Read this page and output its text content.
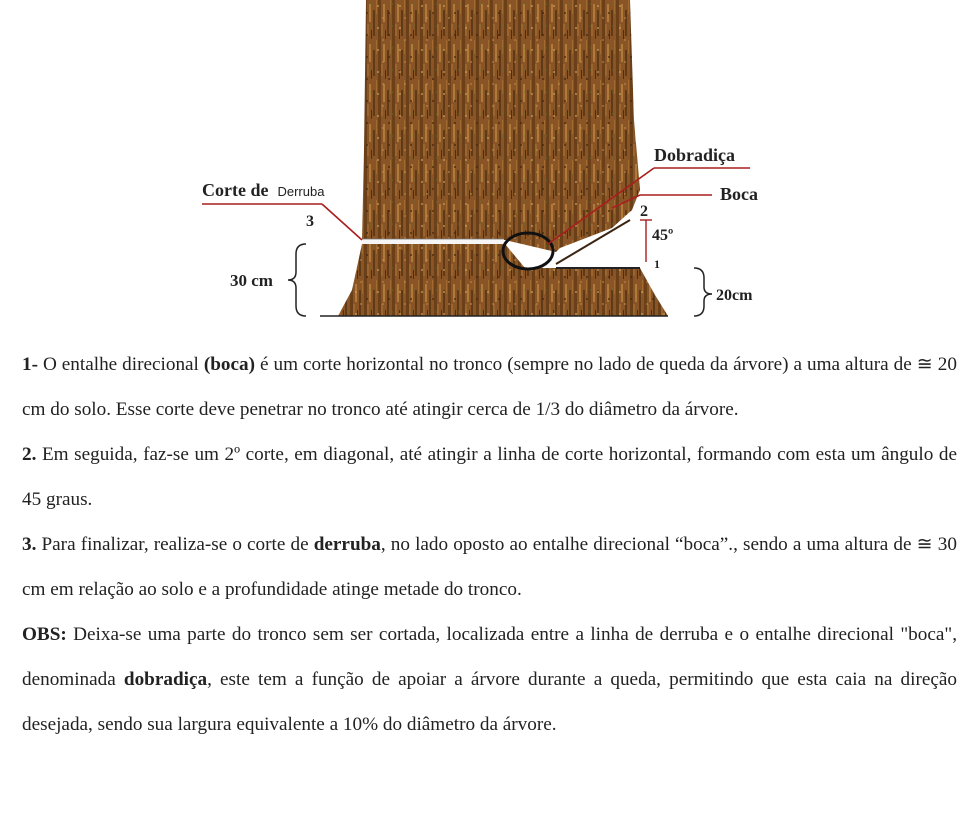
Corte de Derruba
3
Dobradiça
Boca
2
45º
1
30 cm
20cm

1- O entalhe direcional (boca) é um corte horizontal no tronco (sempre no lado de queda da árvore) a uma altura de ≅ 20 cm do solo. Esse corte deve penetrar no tronco até atingir cerca de 1/3 do diâmetro da árvore.

2. Em seguida, faz-se um 2º corte, em diagonal, até atingir a linha de corte horizontal, formando com esta um ângulo de 45 graus.

3. Para finalizar, realiza-se o corte de derruba, no lado oposto ao entalhe direcional “boca”., sendo a uma altura de ≅ 30 cm em relação ao solo e a profundidade atinge metade do tronco.

OBS: Deixa-se uma parte do tronco sem ser cortada, localizada entre a linha de derruba e o entalhe direcional "boca", denominada dobradiça, este tem a função de apoiar a árvore durante a queda, permitindo que esta caia na direção desejada, sendo sua largura equivalente a 10% do diâmetro da árvore.
